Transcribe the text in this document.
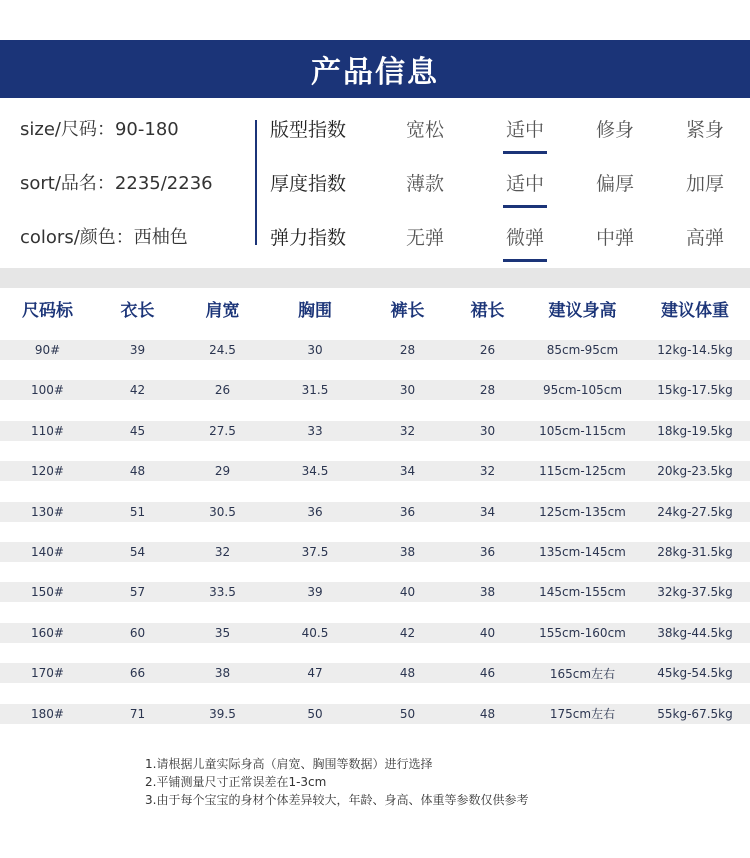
产品信息
size/尺码：90-180
sort/品名：2235/2236
colors/颜色：西柚色
版型指数	宽松	适中	修身	紧身
厚度指数	薄款	适中	偏厚	加厚
弹力指数	无弹	微弹	中弹	高弹
尺码标	衣长	肩宽	胸围	裤长	裙长	建议身高	建议体重
90#	39	24.5	30	28	26	85cm-95cm	12kg-14.5kg
100#	42	26	31.5	30	28	95cm-105cm	15kg-17.5kg
110#	45	27.5	33	32	30	105cm-115cm	18kg-19.5kg
120#	48	29	34.5	34	32	115cm-125cm	20kg-23.5kg
130#	51	30.5	36	36	34	125cm-135cm	24kg-27.5kg
140#	54	32	37.5	38	36	135cm-145cm	28kg-31.5kg
150#	57	33.5	39	40	38	145cm-155cm	32kg-37.5kg
160#	60	35	40.5	42	40	155cm-160cm	38kg-44.5kg
170#	66	38	47	48	46	165cm左右	45kg-54.5kg
180#	71	39.5	50	50	48	175cm左右	55kg-67.5kg
1.请根据儿童实际身高（肩宽、胸围等数据）进行选择
2.平铺测量尺寸正常误差在1-3cm
3.由于每个宝宝的身材个体差异较大，年龄、身高、体重等参数仅供参考
